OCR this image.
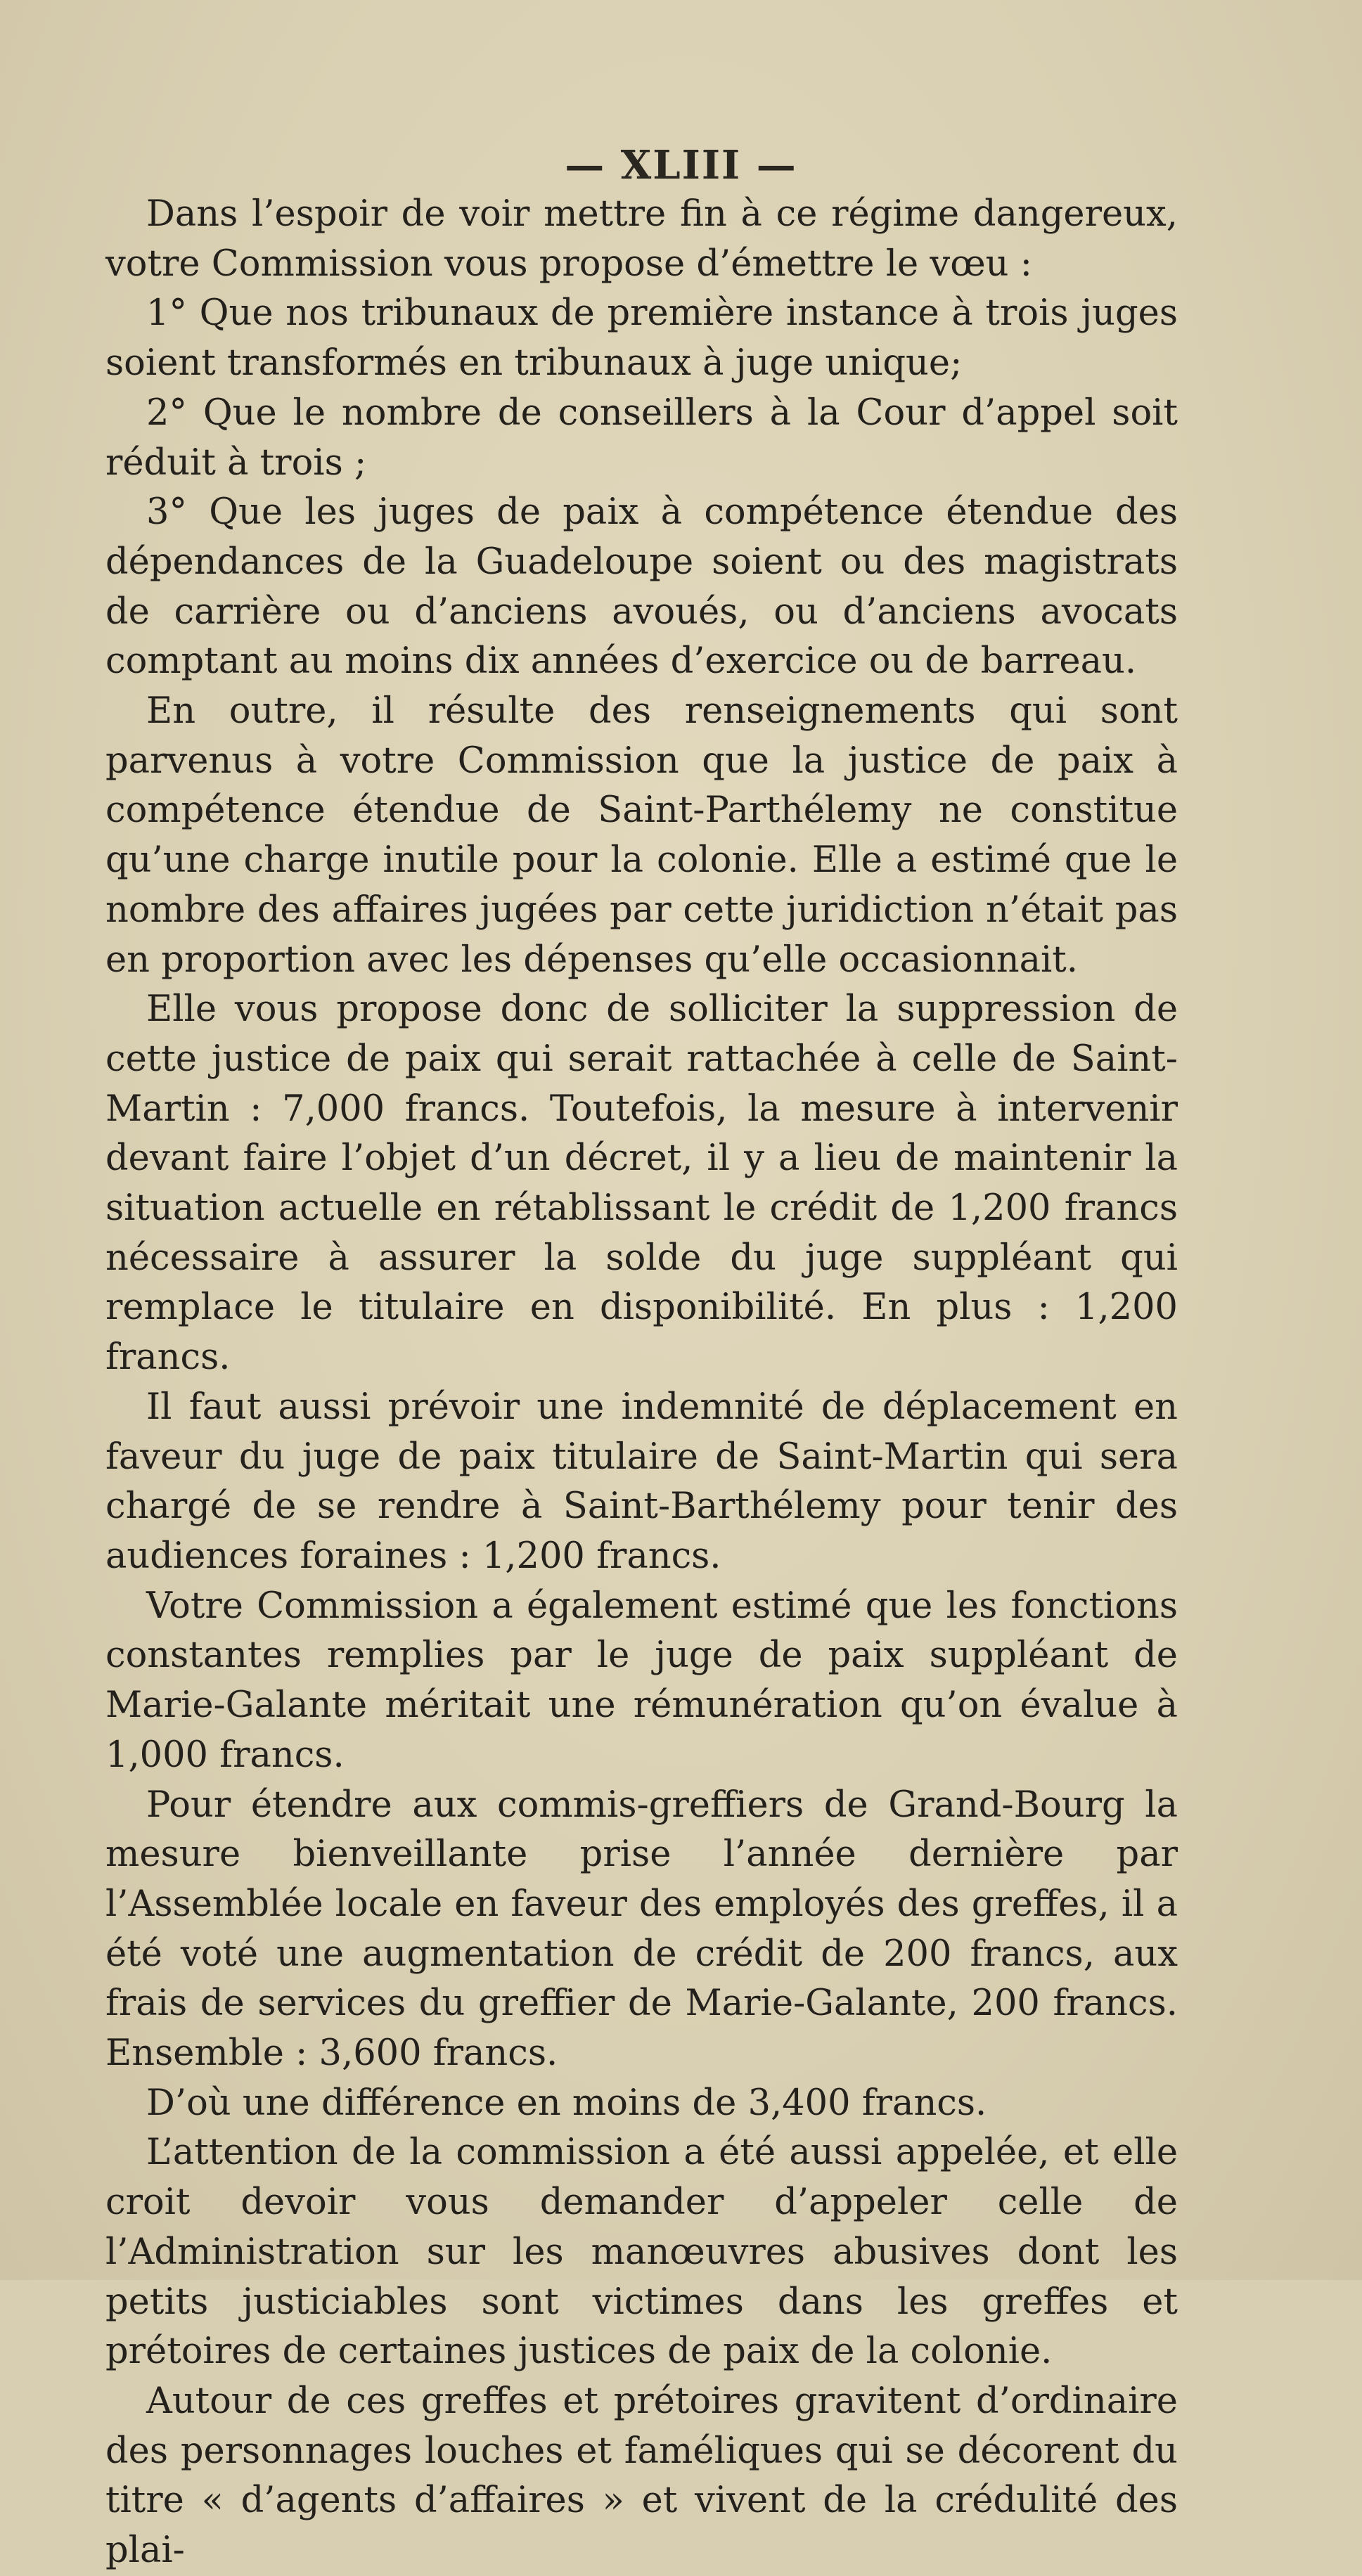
— XLIII —

Dans l’espoir de voir mettre fin à ce régime dangereux, votre Commission vous propose d’émettre le vœu :

1° Que nos tribunaux de première instance à trois juges soient transformés en tribunaux à juge unique;

2° Que le nombre de conseillers à la Cour d’appel soit réduit à trois ;

3° Que les juges de paix à compétence étendue des dépendances de la Guadeloupe soient ou des magistrats de carrière ou d’anciens avoués, ou d’anciens avocats comptant au moins dix années d’exercice ou de barreau.

En outre, il résulte des renseignements qui sont parvenus à votre Commission que la justice de paix à compétence étendue de Saint-Parthélemy ne constitue qu’une charge inutile pour la colonie. Elle a estimé que le nombre des affaires jugées par cette juridiction n’était pas en proportion avec les dépenses qu’elle occasionnait.

Elle vous propose donc de solliciter la suppression de cette justice de paix qui serait rattachée à celle de Saint-Martin : 7,000 francs. Toutefois, la mesure à intervenir devant faire l’objet d’un décret, il y a lieu de maintenir la situation actuelle en rétablissant le crédit de 1,200 francs nécessaire à assurer la solde du juge suppléant qui remplace le titulaire en disponibilité. En plus : 1,200 francs.

Il faut aussi prévoir une indemnité de déplacement en faveur du juge de paix titulaire de Saint-Martin qui sera chargé de se rendre à Saint-Barthélemy pour tenir des audiences foraines : 1,200 francs.

Votre Commission a également estimé que les fonctions constantes remplies par le juge de paix suppléant de Marie-Galante méritait une rémunération qu’on évalue à 1,000 francs.

Pour étendre aux commis-greffiers de Grand-Bourg la mesure bienveillante prise l’année dernière par l’Assemblée locale en faveur des employés des greffes, il a été voté une augmentation de crédit de 200 francs, aux frais de services du greffier de Marie-Galante, 200 francs. Ensemble : 3,600 francs.

D’où une différence en moins de 3,400 francs.

L’attention de la commission a été aussi appelée, et elle croit devoir vous demander d’appeler celle de l’Administration sur les manœuvres abusives dont les petits justiciables sont victimes dans les greffes et prétoires de certaines justices de paix de la colonie.

Autour de ces greffes et prétoires gravitent d’ordinaire des personnages louches et faméliques qui se décorent du titre « d’agents d’affaires » et vivent de la crédulité des plai-
